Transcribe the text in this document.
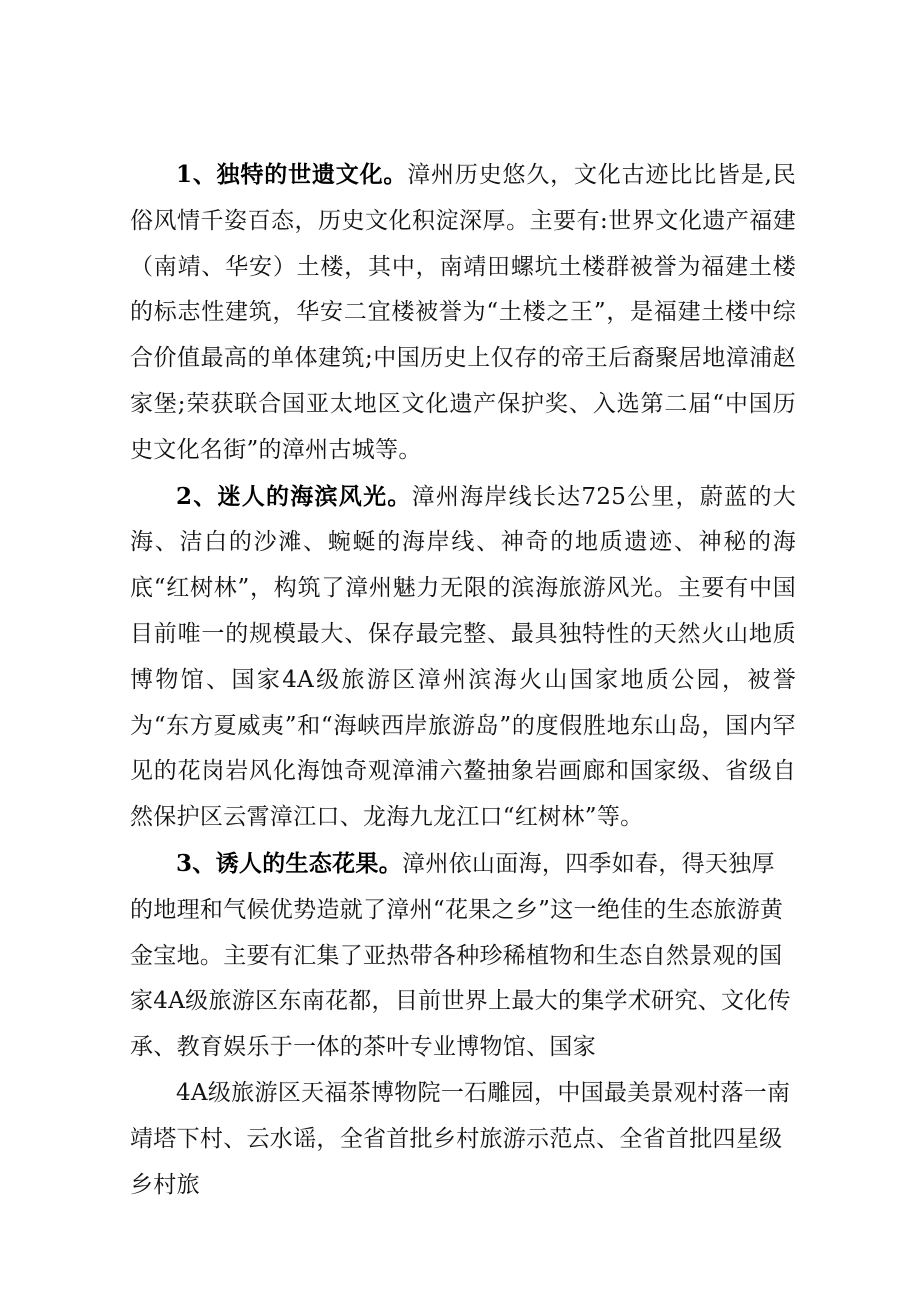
1、独特的世遗文化。漳州历史悠久，文化古迹比比皆是,民俗风情千姿百态，历史文化积淀深厚。主要有:世界文化遗产福建（南靖、华安）土楼，其中，南靖田螺坑土楼群被誉为福建土楼的标志性建筑，华安二宜楼被誉为“土楼之王”，是福建土楼中综合价值最高的单体建筑;中国历史上仅存的帝王后裔聚居地漳浦赵家堡;荣获联合国亚太地区文化遗产保护奖、入选第二届“中国历史文化名街”的漳州古城等。

2、迷人的海滨风光。漳州海岸线长达725公里，蔚蓝的大海、洁白的沙滩、蜿蜒的海岸线、神奇的地质遗迹、神秘的海底“红树林”，构筑了漳州魅力无限的滨海旅游风光。主要有中国目前唯一的规模最大、保存最完整、最具独特性的天然火山地质博物馆、国家4A级旅游区漳州滨海火山国家地质公园，被誉为“东方夏威夷”和“海峡西岸旅游岛”的度假胜地东山岛，国内罕见的花岗岩风化海蚀奇观漳浦六鳌抽象岩画廊和国家级、省级自然保护区云霄漳江口、龙海九龙江口“红树林”等。

3、诱人的生态花果。漳州依山面海，四季如春，得天独厚的地理和气候优势造就了漳州“花果之乡”这一绝佳的生态旅游黄金宝地。主要有汇集了亚热带各种珍稀植物和生态自然景观的国家4A级旅游区东南花都，目前世界上最大的集学术研究、文化传承、教育娱乐于一体的茶叶专业博物馆、国家
4A级旅游区天福茶博物院一石雕园，中国最美景观村落一南靖塔下村、云水谣，全省首批乡村旅游示范点、全省首批四星级乡村旅
